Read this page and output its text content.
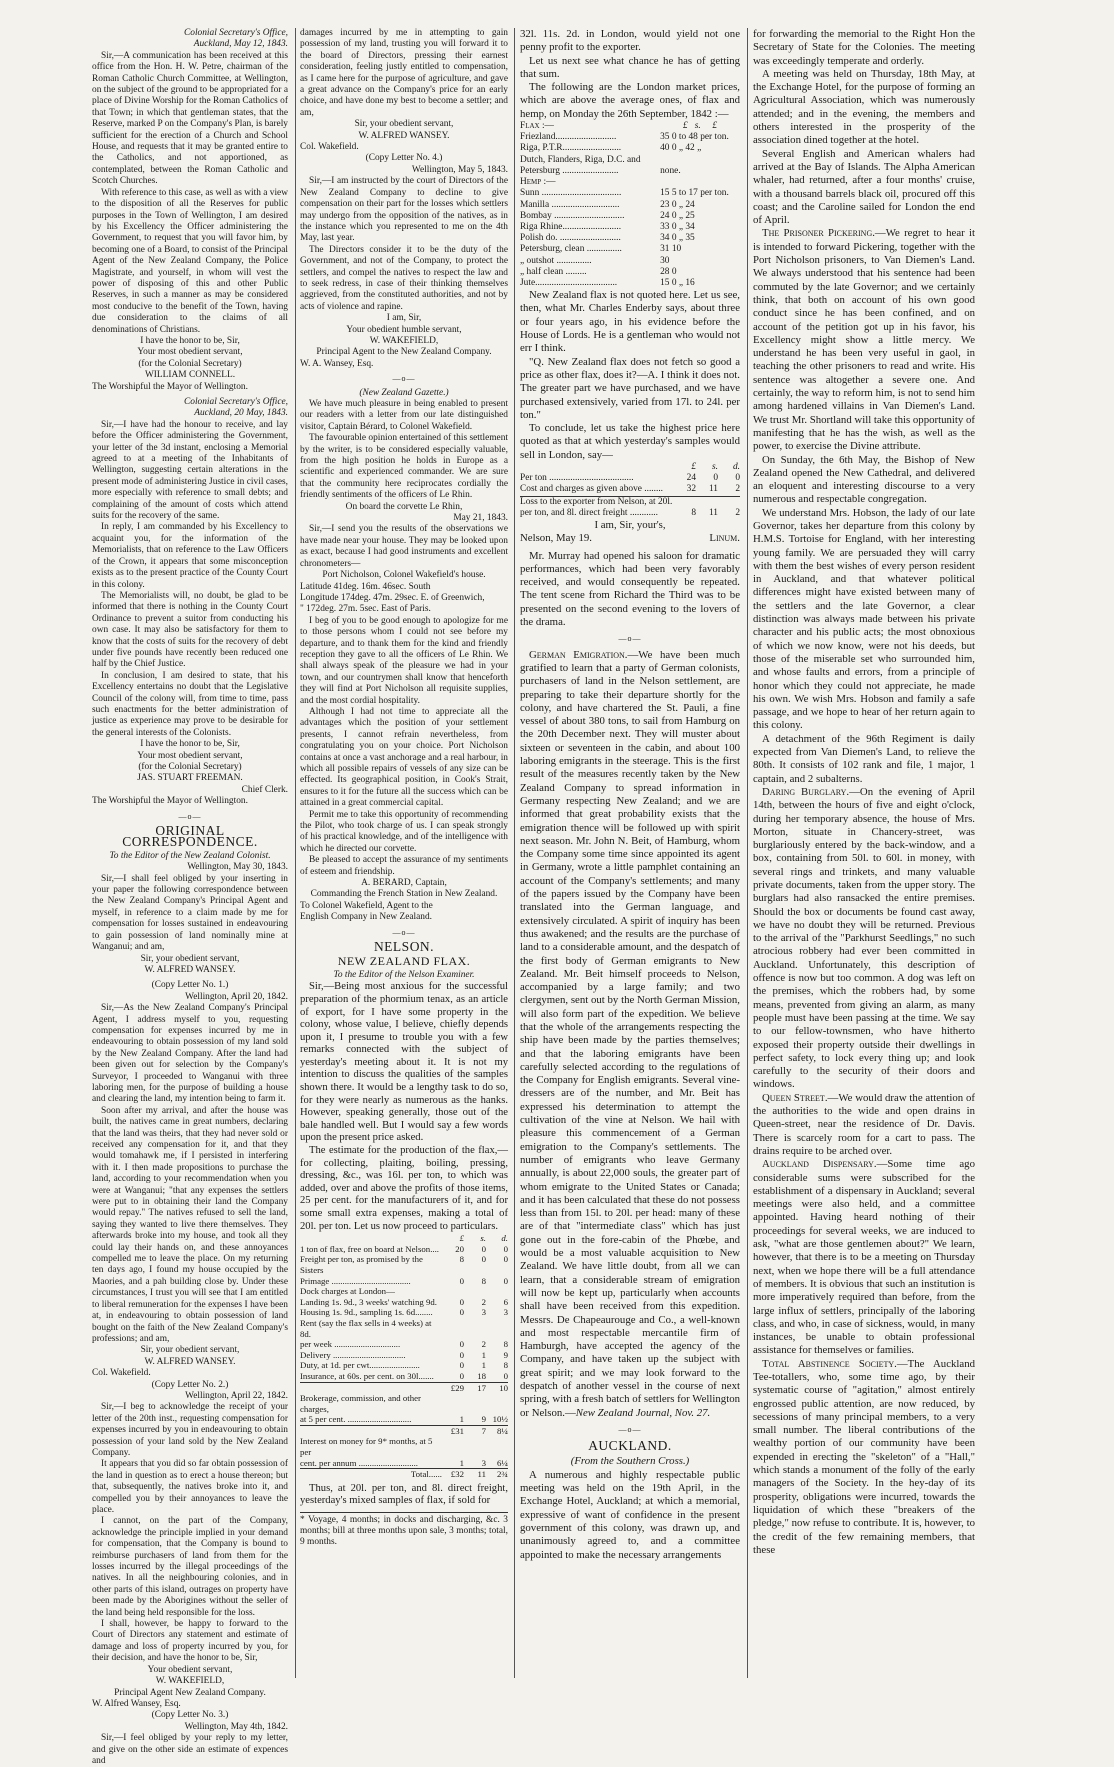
Colonial Secretary's Office,

Auckland, May 12, 1843.

Sir,—A communication has been received at this office from the Hon. H. W. Petre, chairman of the Roman Catholic Church Committee, at Wellington, on the subject of the ground to be appropriated for a place of Divine Worship for the Roman Catholics of that Town; in which that gentleman states, that the Reserve, marked P on the Company's Plan, is barely sufficient for the erection of a Church and School House, and requests that it may be granted entire to the Catholics, and not apportioned, as contemplated, between the Roman Catholic and Scotch Churches.

With reference to this case, as well as with a view to the disposition of all the Reserves for public purposes in the Town of Wellington, I am desired by his Excellency the Officer administering the Government, to request that you will favor him, by becoming one of a Board, to consist of the Principal Agent of the New Zealand Company, the Police Magistrate, and yourself, in whom will vest the power of disposing of this and other Public Reserves, in such a manner as may be considered most conducive to the benefit of the Town, having due consideration to the claims of all denominations of Christians.

I have the honor to be, Sir,

Your most obedient servant,

(for the Colonial Secretary)

WILLIAM CONNELL.

The Worshipful the Mayor of Wellington.

Colonial Secretary's Office,

Auckland, 20 May, 1843.

Sir,—I have had the honour to receive, and lay before the Officer administering the Government, your letter of the 3d instant, enclosing a Memorial agreed to at a meeting of the Inhabitants of Wellington, suggesting certain alterations in the present mode of administering Justice in civil cases, more especially with reference to small debts; and complaining of the amount of costs which attend suits for the recovery of the same.

In reply, I am commanded by his Excellency to acquaint you, for the information of the Memorialists, that on reference to the Law Officers of the Crown, it appears that some misconception exists as to the present practice of the County Court in this colony.

The Memorialists will, no doubt, be glad to be informed that there is nothing in the County Court Ordinance to prevent a suitor from conducting his own case. It may also be satisfactory for them to know that the costs of suits for the recovery of debt under five pounds have recently been reduced one half by the Chief Justice.

In conclusion, I am desired to state, that his Excellency entertains no doubt that the Legislative Council of the colony will, from time to time, pass such enactments for the better administration of justice as experience may prove to be desirable for the general interests of the Colonists.

I have the honor to be, Sir,

Your most obedient servant,

(for the Colonial Secretary)

JAS. STUART FREEMAN.

Chief Clerk.

The Worshipful the Mayor of Wellington.

—o—
ORIGINAL CORRESPONDENCE.

To the Editor of the New Zealand Colonist.

Wellington, May 30, 1843.

Sir,—I shall feel obliged by your inserting in your paper the following correspondence between the New Zealand Company's Principal Agent and myself, in reference to a claim made by me for compensation for losses sustained in endeavouring to gain possession of land nominally mine at Wanganui; and am,

Sir, your obedient servant,

W. ALFRED WANSEY.

(Copy Letter No. 1.)

Wellington, April 20, 1842.

Sir,—As the New Zealand Company's Principal Agent, I address myself to you, requesting compensation for expenses incurred by me in endeavouring to obtain possession of my land sold by the New Zealand Company. After the land had been given out for selection by the Company's Surveyor, I proceeded to Wanganui with three laboring men, for the purpose of building a house and clearing the land, my intention being to farm it.

Soon after my arrival, and after the house was built, the natives came in great numbers, declaring that the land was theirs, that they had never sold or received any compensation for it, and that they would tomahawk me, if I persisted in interfering with it. I then made propositions to purchase the land, according to your recommendation when you were at Wanganui; "that any expenses the settlers were put to in obtaining their land the Company would repay." The natives refused to sell the land, saying they wanted to live there themselves. They afterwards broke into my house, and took all they could lay their hands on, and these annoyances compelled me to leave the place. On my returning ten days ago, I found my house occupied by the Maories, and a pah building close by. Under these circumstances, I trust you will see that I am entitled to liberal remuneration for the expenses I have been at, in endeavouring to obtain possession of land bought on the faith of the New Zealand Company's professions; and am,

Sir, your obedient servant,

W. ALFRED WANSEY.

Col. Wakefield.

(Copy Letter No. 2.)

Wellington, April 22, 1842.

Sir,—I beg to acknowledge the receipt of your letter of the 20th inst., requesting compensation for expenses incurred by you in endeavouring to obtain possession of your land sold by the New Zealand Company.

It appears that you did so far obtain possession of the land in question as to erect a house thereon; but that, subsequently, the natives broke into it, and compelled you by their annoyances to leave the place.

I cannot, on the part of the Company, acknowledge the principle implied in your demand for compensation, that the Company is bound to reimburse purchasers of land from them for the losses incurred by the illegal proceedings of the natives. In all the neighbouring colonies, and in other parts of this island, outrages on property have been made by the Aborigines without the seller of the land being held responsible for the loss.

I shall, however, be happy to forward to the Court of Directors any statement and estimate of damage and loss of property incurred by you, for their decision, and have the honor to be, Sir,

Your obedient servant,

W. WAKEFIELD,

Principal Agent New Zealand Company.

W. Alfred Wansey, Esq.

(Copy Letter No. 3.)

Wellington, May 4th, 1842.

Sir,—I feel obliged by your reply to my letter, and give on the other side an estimate of expences and

damages incurred by me in attempting to gain possession of my land, trusting you will forward it to the board of Directors, pressing their earnest consideration, feeling justly entitled to compensation, as I came here for the purpose of agriculture, and gave a great advance on the Company's price for an early choice, and have done my best to become a settler; and am,

Sir, your obedient servant,

W. ALFRED WANSEY.

Col. Wakefield.

(Copy Letter No. 4.)

Wellington, May 5, 1843.

Sir,—I am instructed by the court of Directors of the New Zealand Company to decline to give compensation on their part for the losses which settlers may undergo from the opposition of the natives, as in the instance which you represented to me on the 4th May, last year.

The Directors consider it to be the duty of the Government, and not of the Company, to protect the settlers, and compel the natives to respect the law and to seek redress, in case of their thinking themselves aggrieved, from the constituted authorities, and not by acts of violence and rapine.

I am, Sir,

Your obedient humble servant,

W. WAKEFIELD,

Principal Agent to the New Zealand Company.

W. A. Wansey, Esq.

—o—

(New Zealand Gazette.)

We have much pleasure in being enabled to present our readers with a letter from our late distinguished visitor, Captain Bérard, to Colonel Wakefield.

The favourable opinion entertained of this settlement by the writer, is to be considered especially valuable, from the high position he holds in Europe as a scientific and experienced commander. We are sure that the community here reciprocates cordially the friendly sentiments of the officers of Le Rhin.

On board the corvette Le Rhin,

May 21, 1843.

Sir,—I send you the results of the observations we have made near your house. They may be looked upon as exact, because I had good instruments and excellent chronometers—

Port Nicholson, Colonel Wakefield's house.

Latitude 41deg. 16m. 46sec. South

Longitude 174deg. 47m. 29sec. E. of Greenwich,

" 172deg. 27m. 5sec. East of Paris.

I beg of you to be good enough to apologize for me to those persons whom I could not see before my departure, and to thank them for the kind and friendly reception they gave to all the officers of Le Rhin. We shall always speak of the pleasure we had in your town, and our countrymen shall know that henceforth they will find at Port Nicholson all requisite supplies, and the most cordial hospitality.

Although I had not time to appreciate all the advantages which the position of your settlement presents, I cannot refrain nevertheless, from congratulating you on your choice. Port Nicholson contains at once a vast anchorage and a real harbour, in which all possible repairs of vessels of any size can be effected. Its geographical position, in Cook's Strait, ensures to it for the future all the success which can be attained in a great commercial capital.

Permit me to take this opportunity of recommending the Pilot, who took charge of us. I can speak strongly of his practical knowledge, and of the intelligence with which he directed our corvette.

Be pleased to accept the assurance of my sentiments of esteem and friendship.

A. BERARD, Captain,

Commanding the French Station in New Zealand.

To Colonel Wakefield, Agent to the

English Company in New Zealand.

—o—
NELSON.
NEW ZEALAND FLAX.

To the Editor of the Nelson Examiner.

Sir,—Being most anxious for the successful preparation of the phormium tenax, as an article of export, for I have some property in the colony, whose value, I believe, chiefly depends upon it, I presume to trouble you with a few remarks connected with the subject of yesterday's meeting about it. It is not my intention to discuss the qualities of the samples shown there. It would be a lengthy task to do so, for they were nearly as numerous as the hanks. However, speaking generally, those out of the bale handled well. But I would say a few words upon the present price asked.

The estimate for the production of the flax,—for collecting, plaiting, boiling, pressing, dressing, &c., was 16l. per ton, to which was added, over and above the profits of those items, 25 per cent. for the manufacturers of it, and for some small extra expenses, making a total of 20l. per ton. Let us now proceed to particulars.

	£	s.	d.
1 ton of flax, free on board at Nelson....	20	0	0
Freight per ton, as promised by the Sisters	8	0	0
Primage ....................................	0	8	0
Dock charges at London—			
Landing 1s. 9d., 3 weeks' watching 9d.	0	2	6
Housing 1s. 9d., sampling 1s. 6d........	0	3	3
Rent (say the flax sells in 4 weeks) at 8d.			
per week ..............................	0	2	8
Delivery .................................	0	1	9
Duty, at 1d. per cwt.......................	0	1	8
Insurance, at 60s. per cent. on 30l.......	0	18	0
	£29	17	10
Brokerage, commission, and other charges,			
at 5 per cent. .............................	1	9	10½
	£31	7	8¼
Interest on money for 9* months, at 5 per			
cent. per annum ...........................	1	3	6¼
Total......	£32	11	2¾

Thus, at 20l. per ton, and 8l. direct freight, yesterday's mixed samples of flax, if sold for

* Voyage, 4 months; in docks and discharging, &c. 3 months; bill at three months upon sale, 3 months; total, 9 months.

32l. 11s. 2d. in London, would yield not one penny profit to the exporter.

Let us next see what chance he has of getting that sum.

The following are the London market prices, which are above the average ones, of flax and hemp, on Monday the 26th September, 1842 :—

Flax :—	£ s. £
Friezland..........................	35 0 to 48 per ton.
Riga, P.T.R.........................	40 0 „ 42 „
Dutch, Flanders, Riga, D.C. and	
Petersburg ........................	none.
Hemp :—	
Sunn ..................................	15 5 to 17 per ton.
Manilla .............................	23 0 „ 24
Bombay ..............................	24 0 „ 25
Riga Rhine.........................	33 0 „ 34
Polish do. ..........................	34 0 „ 35
Petersburg, clean ...............	31 10
„ outshot ...............	30
„ half clean .........	28 0
Jute...................................	15 0 „ 16

New Zealand flax is not quoted here. Let us see, then, what Mr. Charles Enderby says, about three or four years ago, in his evidence before the House of Lords. He is a gentleman who would not err I think.

"Q. New Zealand flax does not fetch so good a price as other flax, does it?—A. I think it does not. The greater part we have purchased, and we have purchased extensively, varied from 17l. to 24l. per ton."

To conclude, let us take the highest price here quoted as that at which yesterday's samples would sell in London, say—

	£	s.	d.
Per ton ....................................	24	0	0
Cost and charges as given above ........	32	11	2
Loss to the exporter from Nelson, at 20l.			
per ton, and 8l. direct freight ............	8	11	2

I am, Sir, your's,

Nelson, May 19.	Linum.

Mr. Murray had opened his saloon for dramatic performances, which had been very favorably received, and would consequently be repeated. The tent scene from Richard the Third was to be presented on the second evening to the lovers of the drama.

—o—

German Emigration.—We have been much gratified to learn that a party of German colonists, purchasers of land in the Nelson settlement, are preparing to take their departure shortly for the colony, and have chartered the St. Pauli, a fine vessel of about 380 tons, to sail from Hamburg on the 20th December next. They will muster about sixteen or seventeen in the cabin, and about 100 laboring emigrants in the steerage. This is the first result of the measures recently taken by the New Zealand Company to spread information in Germany respecting New Zealand; and we are informed that great probability exists that the emigration thence will be followed up with spirit next season. Mr. John N. Beit, of Hamburg, whom the Company some time since appointed its agent in Germany, wrote a little pamphlet containing an account of the Company's settlements; and many of the papers issued by the Company have been translated into the German language, and extensively circulated. A spirit of inquiry has been thus awakened; and the results are the purchase of land to a considerable amount, and the despatch of the first body of German emigrants to New Zealand. Mr. Beit himself proceeds to Nelson, accompanied by a large family; and two clergymen, sent out by the North German Mission, will also form part of the expedition. We believe that the whole of the arrangements respecting the ship have been made by the parties themselves; and that the laboring emigrants have been carefully selected according to the regulations of the Company for English emigrants. Several vine-dressers are of the number, and Mr. Beit has expressed his determination to attempt the cultivation of the vine at Nelson. We hail with pleasure this commencement of a German emigration to the Company's settlements. The number of emigrants who leave Germany annually, is about 22,000 souls, the greater part of whom emigrate to the United States or Canada; and it has been calculated that these do not possess less than from 15l. to 20l. per head: many of these are of that "intermediate class" which has just gone out in the fore-cabin of the Phœbe, and would be a most valuable acquisition to New Zealand. We have little doubt, from all we can learn, that a considerable stream of emigration will now be kept up, particularly when accounts shall have been received from this expedition. Messrs. De Chapeaurouge and Co., a well-known and most respectable mercantile firm of Hamburgh, have accepted the agency of the Company, and have taken up the subject with great spirit; and we may look forward to the despatch of another vessel in the course of next spring, with a fresh batch of settlers for Wellington or Nelson.—New Zealand Journal, Nov. 27.

—o—
AUCKLAND.

(From the Southern Cross.)

A numerous and highly respectable public meeting was held on the 19th April, in the Exchange Hotel, Auckland; at which a memorial, expressive of want of confidence in the present government of this colony, was drawn up, and unanimously agreed to, and a committee appointed to make the necessary arrangements

for forwarding the memorial to the Right Hon the Secretary of State for the Colonies. The meeting was exceedingly temperate and orderly.

A meeting was held on Thursday, 18th May, at the Exchange Hotel, for the purpose of forming an Agricultural Association, which was numerously attended; and in the evening, the members and others interested in the prosperity of the association dined together at the hotel.

Several English and American whalers had arrived at the Bay of Islands. The Alpha American whaler, had returned, after a four months' cruise, with a thousand barrels black oil, procured off this coast; and the Caroline sailed for London the end of April.

The Prisoner Pickering.—We regret to hear it is intended to forward Pickering, together with the Port Nicholson prisoners, to Van Diemen's Land. We always understood that his sentence had been commuted by the late Governor; and we certainly think, that both on account of his own good conduct since he has been confined, and on account of the petition got up in his favor, his Excellency might show a little mercy. We understand he has been very useful in gaol, in teaching the other prisoners to read and write. His sentence was altogether a severe one. And certainly, the way to reform him, is not to send him among hardened villains in Van Diemen's Land. We trust Mr. Shortland will take this opportunity of manifesting that he has the wish, as well as the power, to exercise the Divine attribute.

On Sunday, the 6th May, the Bishop of New Zealand opened the New Cathedral, and delivered an eloquent and interesting discourse to a very numerous and respectable congregation.

We understand Mrs. Hobson, the lady of our late Governor, takes her departure from this colony by H.M.S. Tortoise for England, with her interesting young family. We are persuaded they will carry with them the best wishes of every person resident in Auckland, and that whatever political differences might have existed between many of the settlers and the late Governor, a clear distinction was always made between his private character and his public acts; the most obnoxious of which we now know, were not his deeds, but those of the miserable set who surrounded him, and whose faults and errors, from a principle of honor which they could not appreciate, he made his own. We wish Mrs. Hobson and family a safe passage, and we hope to hear of her return again to this colony.

A detachment of the 96th Regiment is daily expected from Van Diemen's Land, to relieve the 80th. It consists of 102 rank and file, 1 major, 1 captain, and 2 subalterns.

Daring Burglary.—On the evening of April 14th, between the hours of five and eight o'clock, during her temporary absence, the house of Mrs. Morton, situate in Chancery-street, was burglariously entered by the back-window, and a box, containing from 50l. to 60l. in money, with several rings and trinkets, and many valuable private documents, taken from the upper story. The burglars had also ransacked the entire premises. Should the box or documents be found cast away, we have no doubt they will be returned. Previous to the arrival of the "Parkhurst Seedlings," no such atrocious robbery had ever been committed in Auckland. Unfortunately, this description of offence is now but too common. A dog was left on the premises, which the robbers had, by some means, prevented from giving an alarm, as many people must have been passing at the time. We say to our fellow-townsmen, who have hitherto exposed their property outside their dwellings in perfect safety, to lock every thing up; and look carefully to the security of their doors and windows.

Queen Street.—We would draw the attention of the authorities to the wide and open drains in Queen-street, near the residence of Dr. Davis. There is scarcely room for a cart to pass. The drains require to be arched over.

Auckland Dispensary.—Some time ago considerable sums were subscribed for the establishment of a dispensary in Auckland; several meetings were also held, and a committee appointed. Having heard nothing of their proceedings for several weeks, we are induced to ask, "what are those gentlemen about?" We learn, however, that there is to be a meeting on Thursday next, when we hope there will be a full attendance of members. It is obvious that such an institution is more imperatively required than before, from the large influx of settlers, principally of the laboring class, and who, in case of sickness, would, in many instances, be unable to obtain professional assistance for themselves or families.

Total Abstinence Society.—The Auckland Tee-totallers, who, some time ago, by their systematic course of "agitation," almost entirely engrossed public attention, are now reduced, by secessions of many principal members, to a very small number. The liberal contributions of the wealthy portion of our community have been expended in erecting the "skeleton" of a "Hall," which stands a monument of the folly of the early managers of the Society. In the hey-day of its prosperity, obligations were incurred, towards the liquidation of which these "breakers of the pledge," now refuse to contribute. It is, however, to the credit of the few remaining members, that these
